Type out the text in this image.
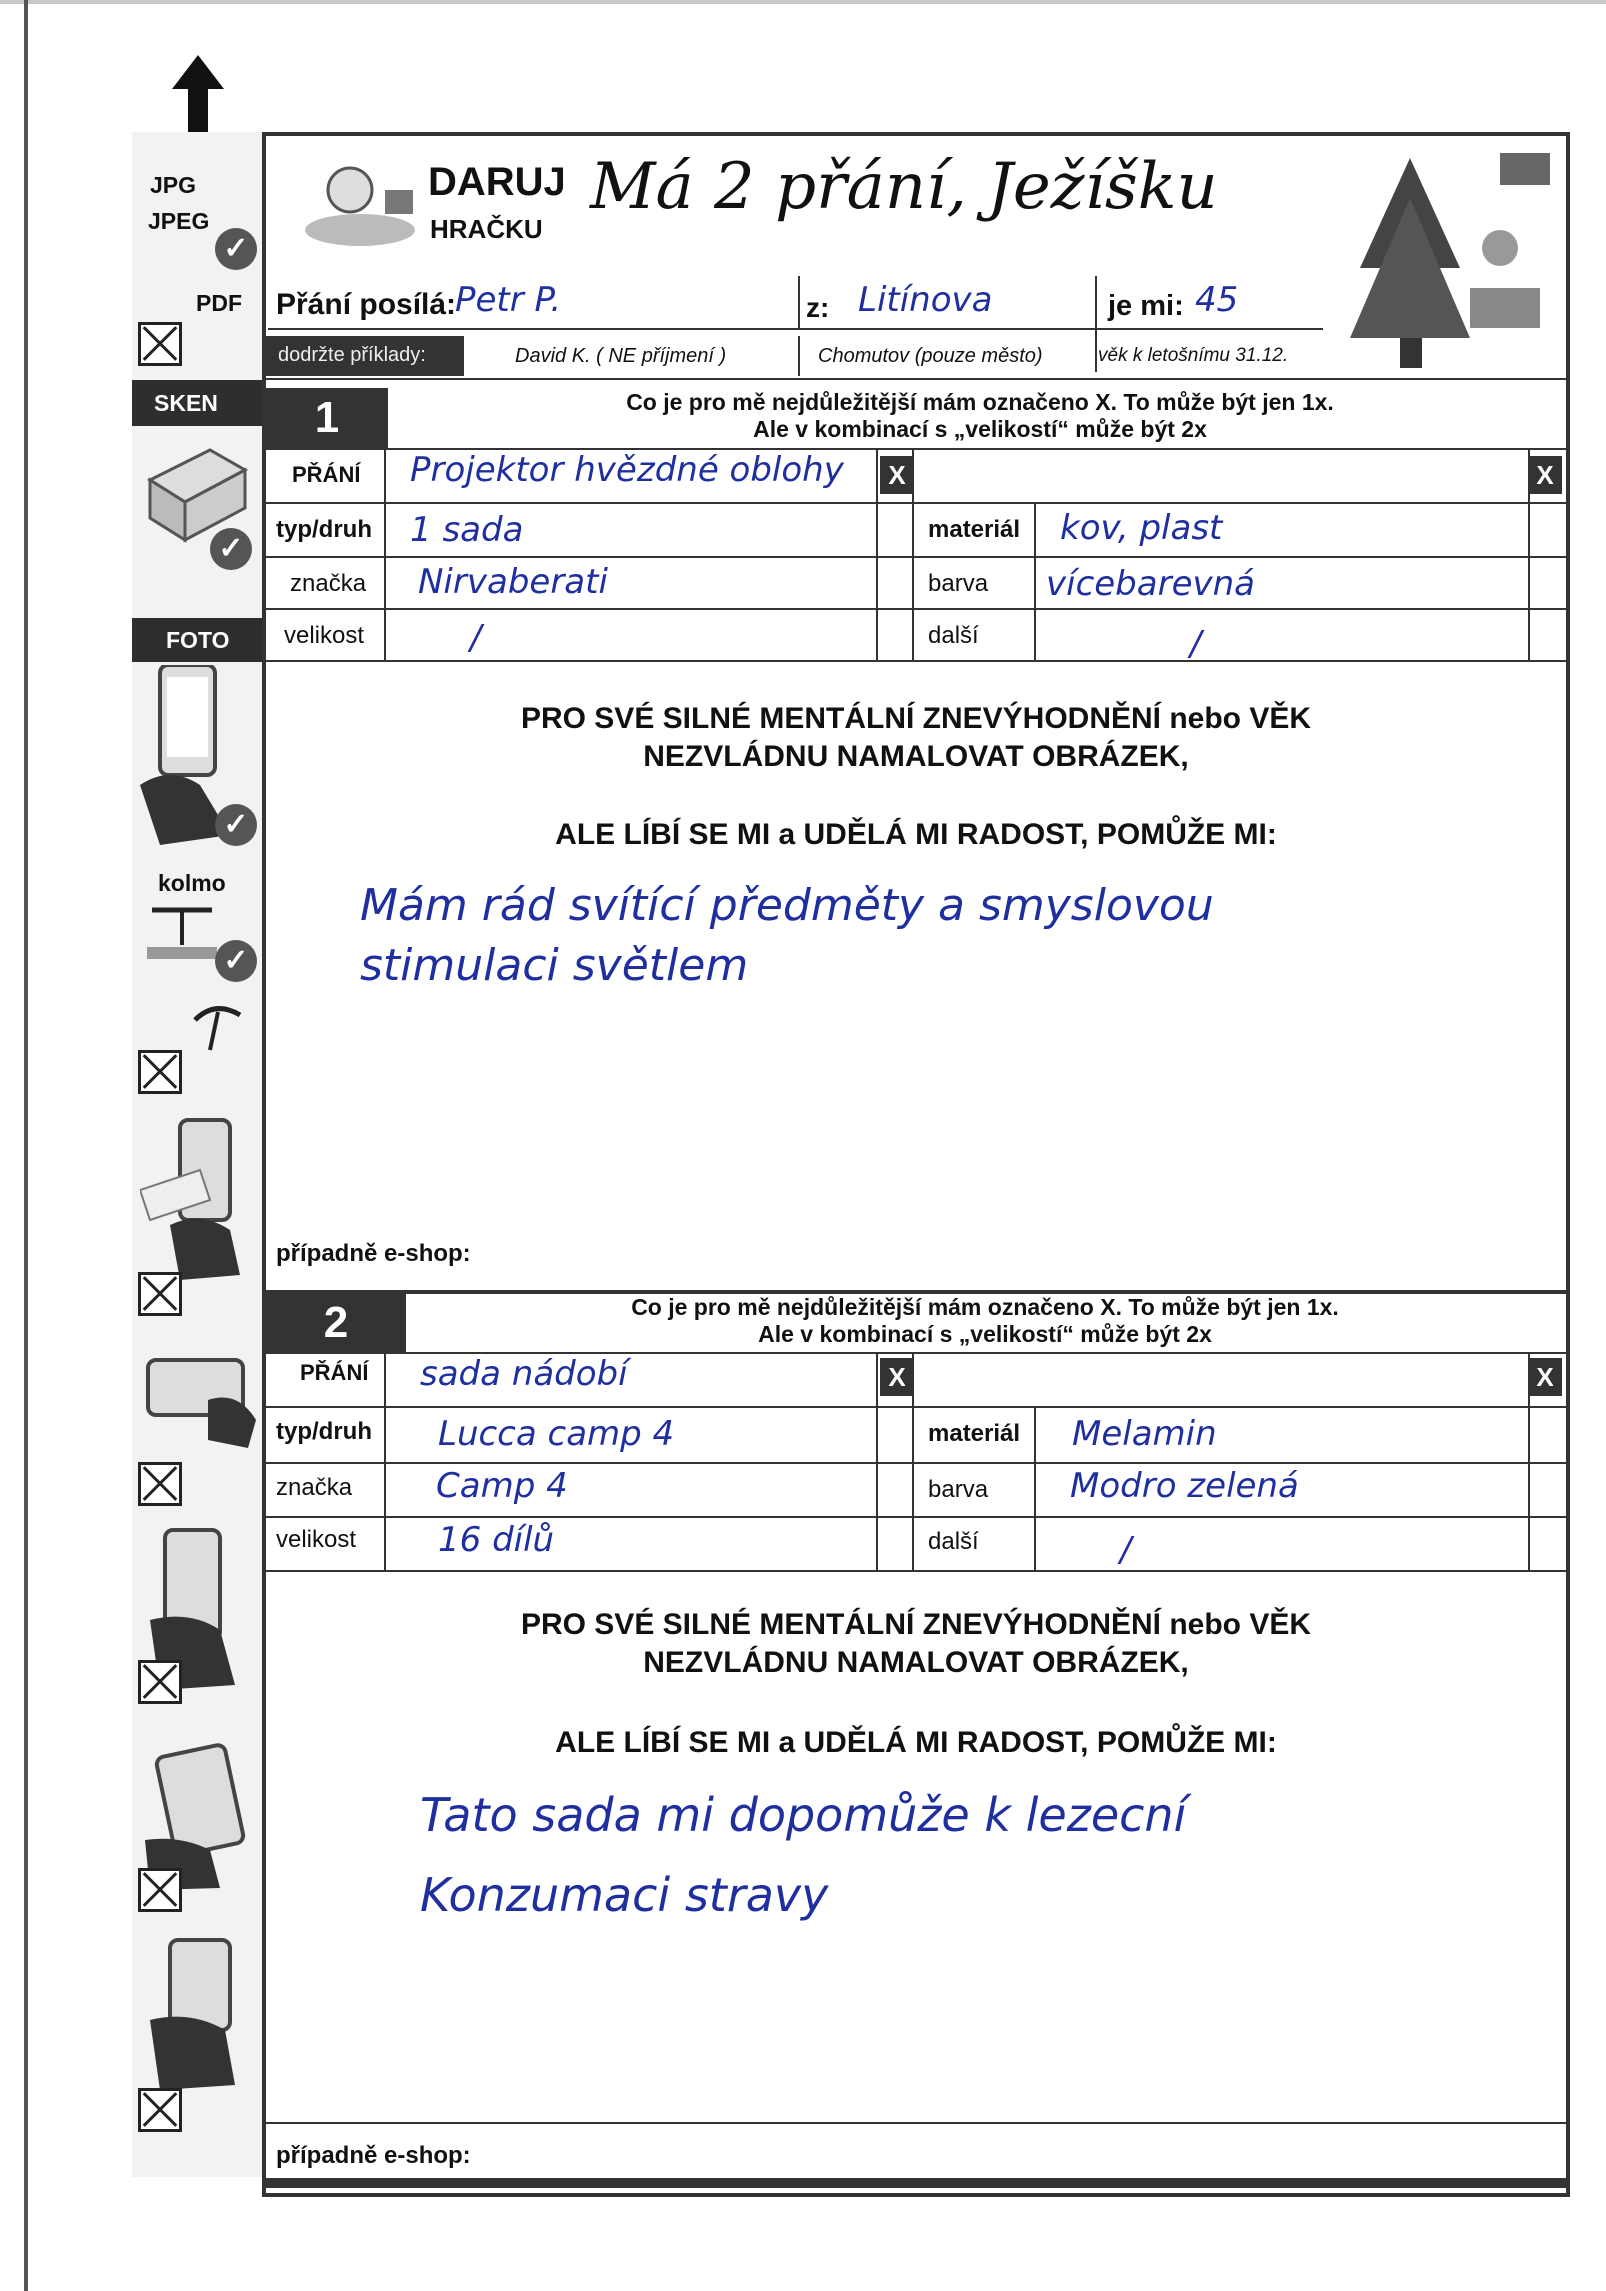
JPG
JPEG
✓
PDF
SKEN
✓
FOTO
✓
kolmo
✓
DARUJ
HRAČKU
Má 2 přání, Ježíšku
Přání posílá:
Petr P.	z: Litínova	je mi: 45
dodržte příklady:	David K. ( NE příjmení )	Chomutov (pouze město)	věk k letošnímu 31.12.
1	Co je pro mě nejdůležitější mám označeno X. To může být jen 1x.
Ale v kombinací s „velikostí“ může být 2x
PŘÁNÍ Projektor hvězdné oblohy	X	X
typ/druh 1 sada	materiál kov, plast
značka Nirvaberati	barva vícebarevná
velikost	/	další	/
PRO SVÉ SILNÉ MENTÁLNÍ ZNEVÝHODNĚNÍ nebo VĚK
NEZVLÁDNU NAMALOVAT OBRÁZEK,
ALE LÍBÍ SE MI a UDĚLÁ MI RADOST, POMŮŽE MI:
Mám rád svítící předměty a smyslovou
stimulaci světlem
případně e-shop:
2	Co je pro mě nejdůležitější mám označeno X. To může být jen 1x.
Ale v kombinací s „velikostí“ může být 2x
PŘÁNÍ sada nádobí	X	X
typ/druh Lucca camp 4	materiál Melamin
značka Camp 4	barva Modro zelená
velikost 16 dílů	další	/
PRO SVÉ SILNÉ MENTÁLNÍ ZNEVÝHODNĚNÍ nebo VĚK
NEZVLÁDNU NAMALOVAT OBRÁZEK,
ALE LÍBÍ SE MI a UDĚLÁ MI RADOST, POMŮŽE MI:
Tato sada mi dopomůže k lezecní
Konzumaci stravy
případně e-shop:
